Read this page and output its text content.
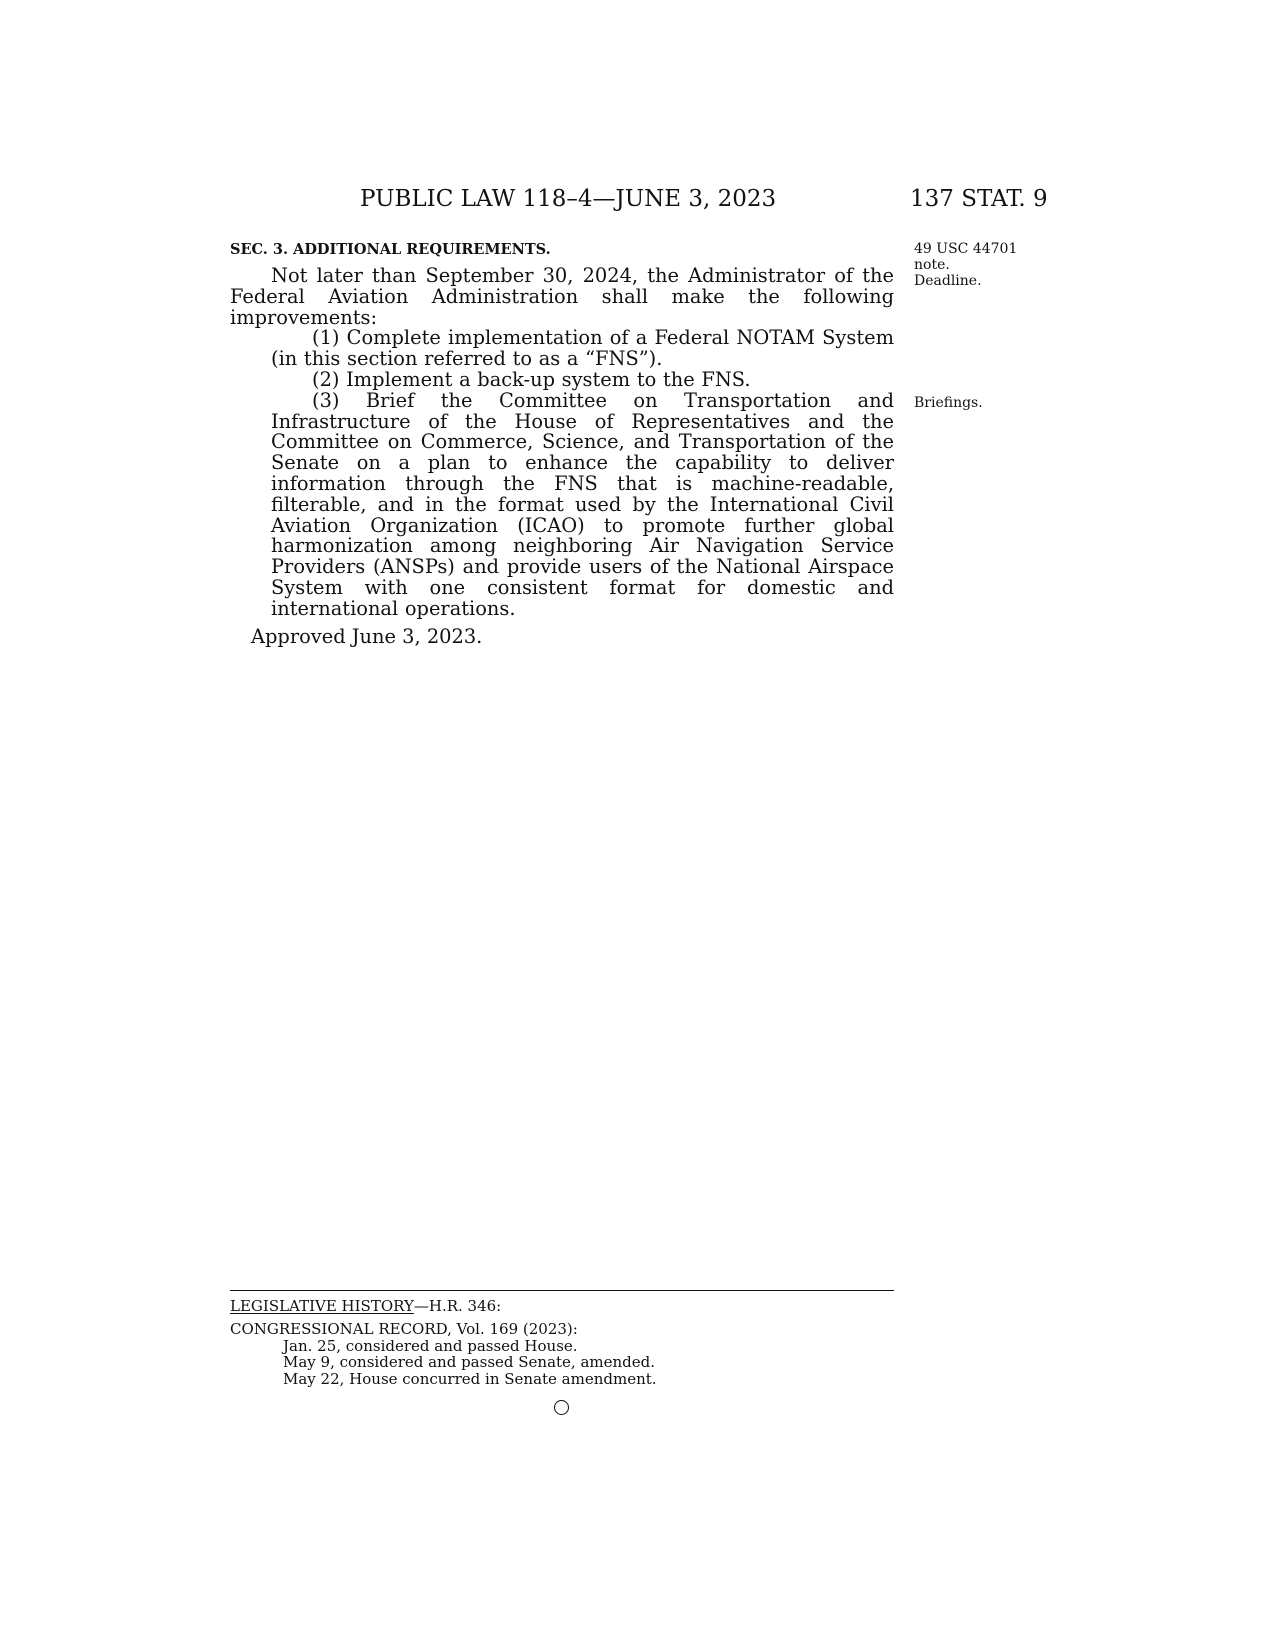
PUBLIC LAW 118–4—JUNE 3, 2023	137 STAT. 9
SEC. 3. ADDITIONAL REQUIREMENTS.	49 USC 44701
note.
Deadline.
Briefings.

Not later than September 30, 2024, the Administrator of the Federal Aviation Administration shall make the following improvements:

(1) Complete implementation of a Federal NOTAM System (in this section referred to as a “FNS”).

(2) Implement a back-up system to the FNS.

(3) Brief the Committee on Transportation and Infrastructure of the House of Representatives and the Committee on Commerce, Science, and Transportation of the Senate on a plan to enhance the capability to deliver information through the FNS that is machine-readable, filterable, and in the format used by the International Civil Aviation Organization (ICAO) to promote further global harmonization among neighboring Air Navigation Service Providers (ANSPs) and provide users of the National Airspace System with one consistent format for domestic and international operations.

Approved June 3, 2023.
LEGISLATIVE HISTORY—H.R. 346:
CONGRESSIONAL RECORD, Vol. 169 (2023):
Jan. 25, considered and passed House.
May 9, considered and passed Senate, amended.
May 22, House concurred in Senate amendment.
